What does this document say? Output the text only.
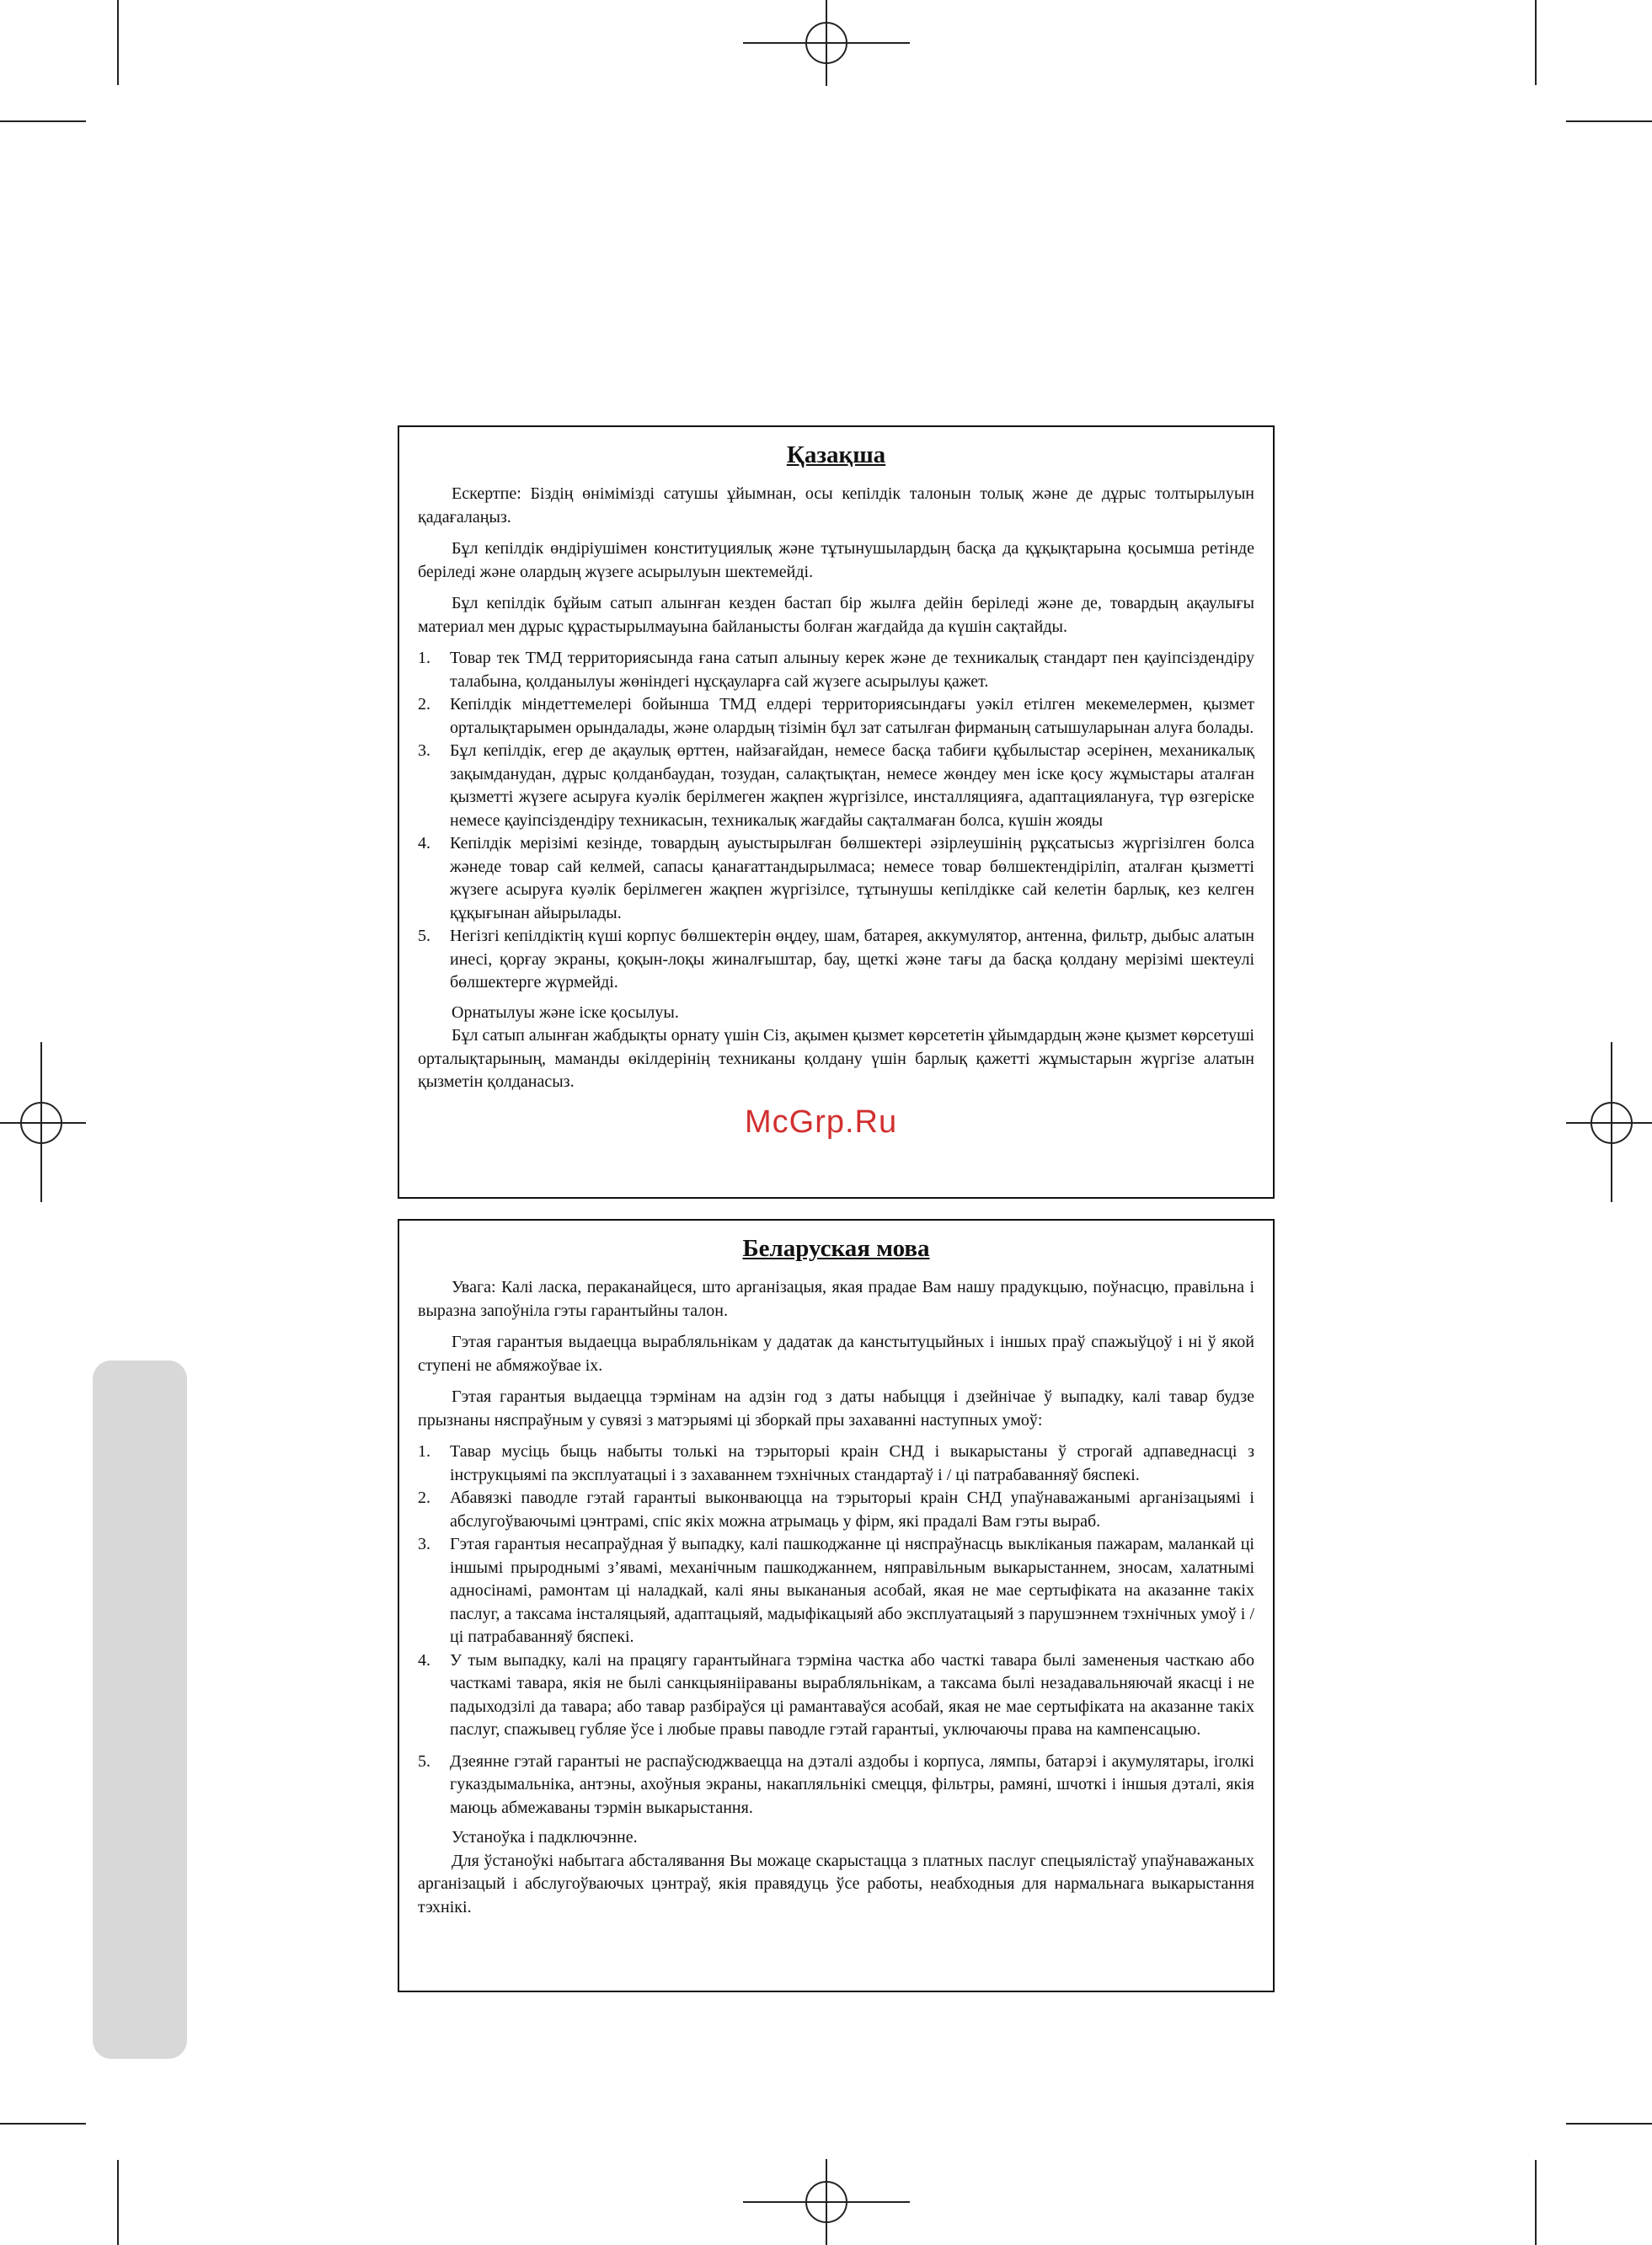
Қазақша

Ескертпе: Біздің өнімімізді сатушы ұйымнан, осы кепілдік талонын толық және де дұрыс толтырылуын қадағалаңыз.

Бұл кепілдік өндіріушімен конституциялық және тұтынушылардың басқа да құқықтарына қосымша ретінде беріледі және олардың жүзеге асырылуын шектемейді.

Бұл кепілдік бұйым сатып алынған кезден бастап бір жылға дейін беріледі және де, товардың ақаулығы материал мен дұрыс құрастырылмауына байланысты болған жағдайда да күшін сақтайды.

1. Товар тек ТМД территориясында ғана сатып алыныу керек және де техникалық стандарт пен қауіпсіздендіру талабына, қолданылуы жөніндегі нұсқауларға сай жүзеге асырылуы қажет.
2. Кепілдік міндеттемелері бойынша ТМД елдері территориясындағы уәкіл етілген мекемелермен, қызмет орталықтарымен орындалады, және олардың тізімін бұл зат сатылған фирманың сатышуларынан алуға болады.
3. Бұл кепілдік, егер де ақаулық өрттен, найзағайдан, немесе басқа табиғи құбылыстар әсерінен, механикалық зақымданудан, дұрыс қолданбаудан, тозудан, салақтықтан, немесе жөндеу мен іске қосу жұмыстары аталған қызметті жүзеге асыруға куәлік берілмеген жақпен жүргізілсе, инсталляцияға, адаптациялануға, түр өзгеріске немесе қауіпсіздендіру техникасын, техникалық жағдайы сақталмаған болса, күшін жояды
4. Кепілдік мерізімі кезінде, товардың ауыстырылған бөлшектері әзірлеушінің рұқсатысыз жүргізілген болса жәнеде товар сай келмей, сапасы қанағаттандырылмаса; немесе товар бөлшектендіріліп, аталған қызметті жүзеге асыруға куәлік берілмеген жақпен жүргізілсе, тұтынушы кепілдікке сай келетін барлық, кез келген құқығынан айырылады.
5. Негізгі кепілдіктің күші корпус бөлшектерін өңдеу, шам, батарея, аккумулятор, антенна, фильтр, дыбыс алатын инесі, қорғау экраны, қоқын-лоқы жиналғыштар, бау, щеткі және тағы да басқа қолдану мерізімі шектеулі бөлшектерге жүрмейді.

Орнатылуы және іске қосылуы.

Бұл сатып алынған жабдықты орнату үшін Сіз, ақымен қызмет көрсететін ұйымдардың және қызмет көрсетуші орталықтарының, маманды өкілдерінің техниканы қолдану үшін барлық қажетті жұмыстарын жүргізе алатын қызметін қолданасыз.

McGrp.Ru
Беларуская мова

Увага: Калі ласка, пераканайцеся, што арганізацыя, якая прадае Вам нашу прадукцыю, поўнасцю, правільна і выразна запоўніла гэты гарантыйны талон.

Гэтая гарантыя выдаецца вырабляльнікам у дадатак да канстытуцыйных і іншых праў спажыўцоў і ні ў якой ступені не абмяжоўвае іх.

Гэтая гарантыя выдаецца тэрмінам на адзін год з даты набыцця і дзейнічае ў выпадку, калі тавар будзе прызнаны няспраўным у сувязі з матэрыямі ці зборкай пры захаванні наступных умоў:

1. Тавар мусіць быць набыты толькі на тэрыторыі краін СНД і выкарыстаны ў строгай адпаведнасці з інструкцыямі па эксплуатацыі і з захаваннем тэхнічных стандартаў і / ці патрабаванняў бяспекі.
2. Абавязкі паводле гэтай гарантыі выконваюцца на тэрыторыі краін СНД упаўнаважанымі арганізацыямі і абслугоўваючымі цэнтрамі, спіс якіх можна атрымаць у фірм, які прадалі Вам гэты выраб.
3. Гэтая гарантыя несапраўдная ў выпадку, калі пашкоджанне ці няспраўнасць выкліканыя пажарам, маланкай ці іншымі прыроднымі з’явамі, механічным пашкоджаннем, няправільным выкарыстаннем, зносам, халатнымі адносінамі, рамонтам ці наладкай, калі яны выкананыя асобай, якая не мае сертыфіката на аказанне такіх паслуг, а таксама інсталяцыяй, адаптацыяй, мадыфікацыяй або эксплуатацыяй з парушэннем тэхнічных умоў і / ці патрабаванняў бяспекі.
4. У тым выпадку, калі на працягу гарантыйнага тэрміна частка або часткі тавара былі замененыя часткаю або часткамі тавара, якія не былі санкцыянііраваны вырабляльнікам, а таксама былі незадавальняючай якасці і не падыходзілі да тавара; або тавар разбіраўся ці рамантаваўся асобай, якая не мае сертыфіката на аказанне такіх паслуг, спажывец губляе ўсе і любые правы паводле гэтай гарантыі, уключаючы права на кампенсацыю.
5. Дзеянне гэтай гарантыі не распаўсюджваецца на дэталі аздобы і корпуса, лямпы, батарэі і акумулятары, іголкі гуказдымальніка, антэны, ахоўныя экраны, накапляльнікі смецця, фільтры, рамяні, шчоткі і іншыя дэталі, якія маюць абмежаваны тэрмін выкарыстання.

Устаноўка і падключэнне.

Для ўстаноўкі набытага абсталявання Вы можаце скарыстацца з платных паслуг спецыялістаў упаўнаважаных арганізацый і абслугоўваючых цэнтраў, якія правядуць ўсе работы, неабходныя для нармальнага выкарыстання тэхнікі.
